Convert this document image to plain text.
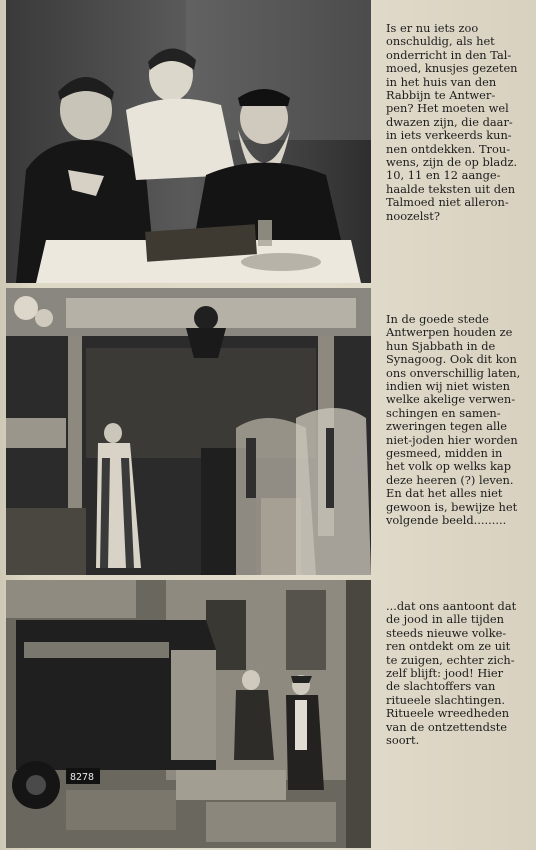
Is er nu iets zoo
onschuldig, als het
onderricht in den Tal-
moed, knusjes gezeten
in het huis van den
Rabbijn te Antwer-
pen? Het moeten wel
dwazen zijn, die daar-
in iets verkeerds kun-
nen ontdekken. Trou-
wens, zijn de op bladz.
10, 11 en 12 aange-
haalde teksten uit den
Talmoed niet alleron-
noozelst?
In de goede stede
Antwerpen houden ze
hun Sjabbath in de
Synagoog. Ook dit kon
ons onverschillig laten,
indien wij niet wisten
welke akelige verwen-
schingen en samen-
zweringen tegen alle
niet-joden hier worden
gesmeed, midden in
het volk op welks kap
deze heeren (?) leven.
En dat het alles niet
gewoon is, bewijze het
volgende beeld.........
8278
...dat ons aantoont dat
de jood in alle tijden
steeds nieuwe volke-
ren ontdekt om ze uit
te zuigen, echter zich-
zelf blijft: jood! Hier
de slachtoffers van
ritueele slachtingen.
Ritueele wreedheden
van de ontzettendste
soort.
